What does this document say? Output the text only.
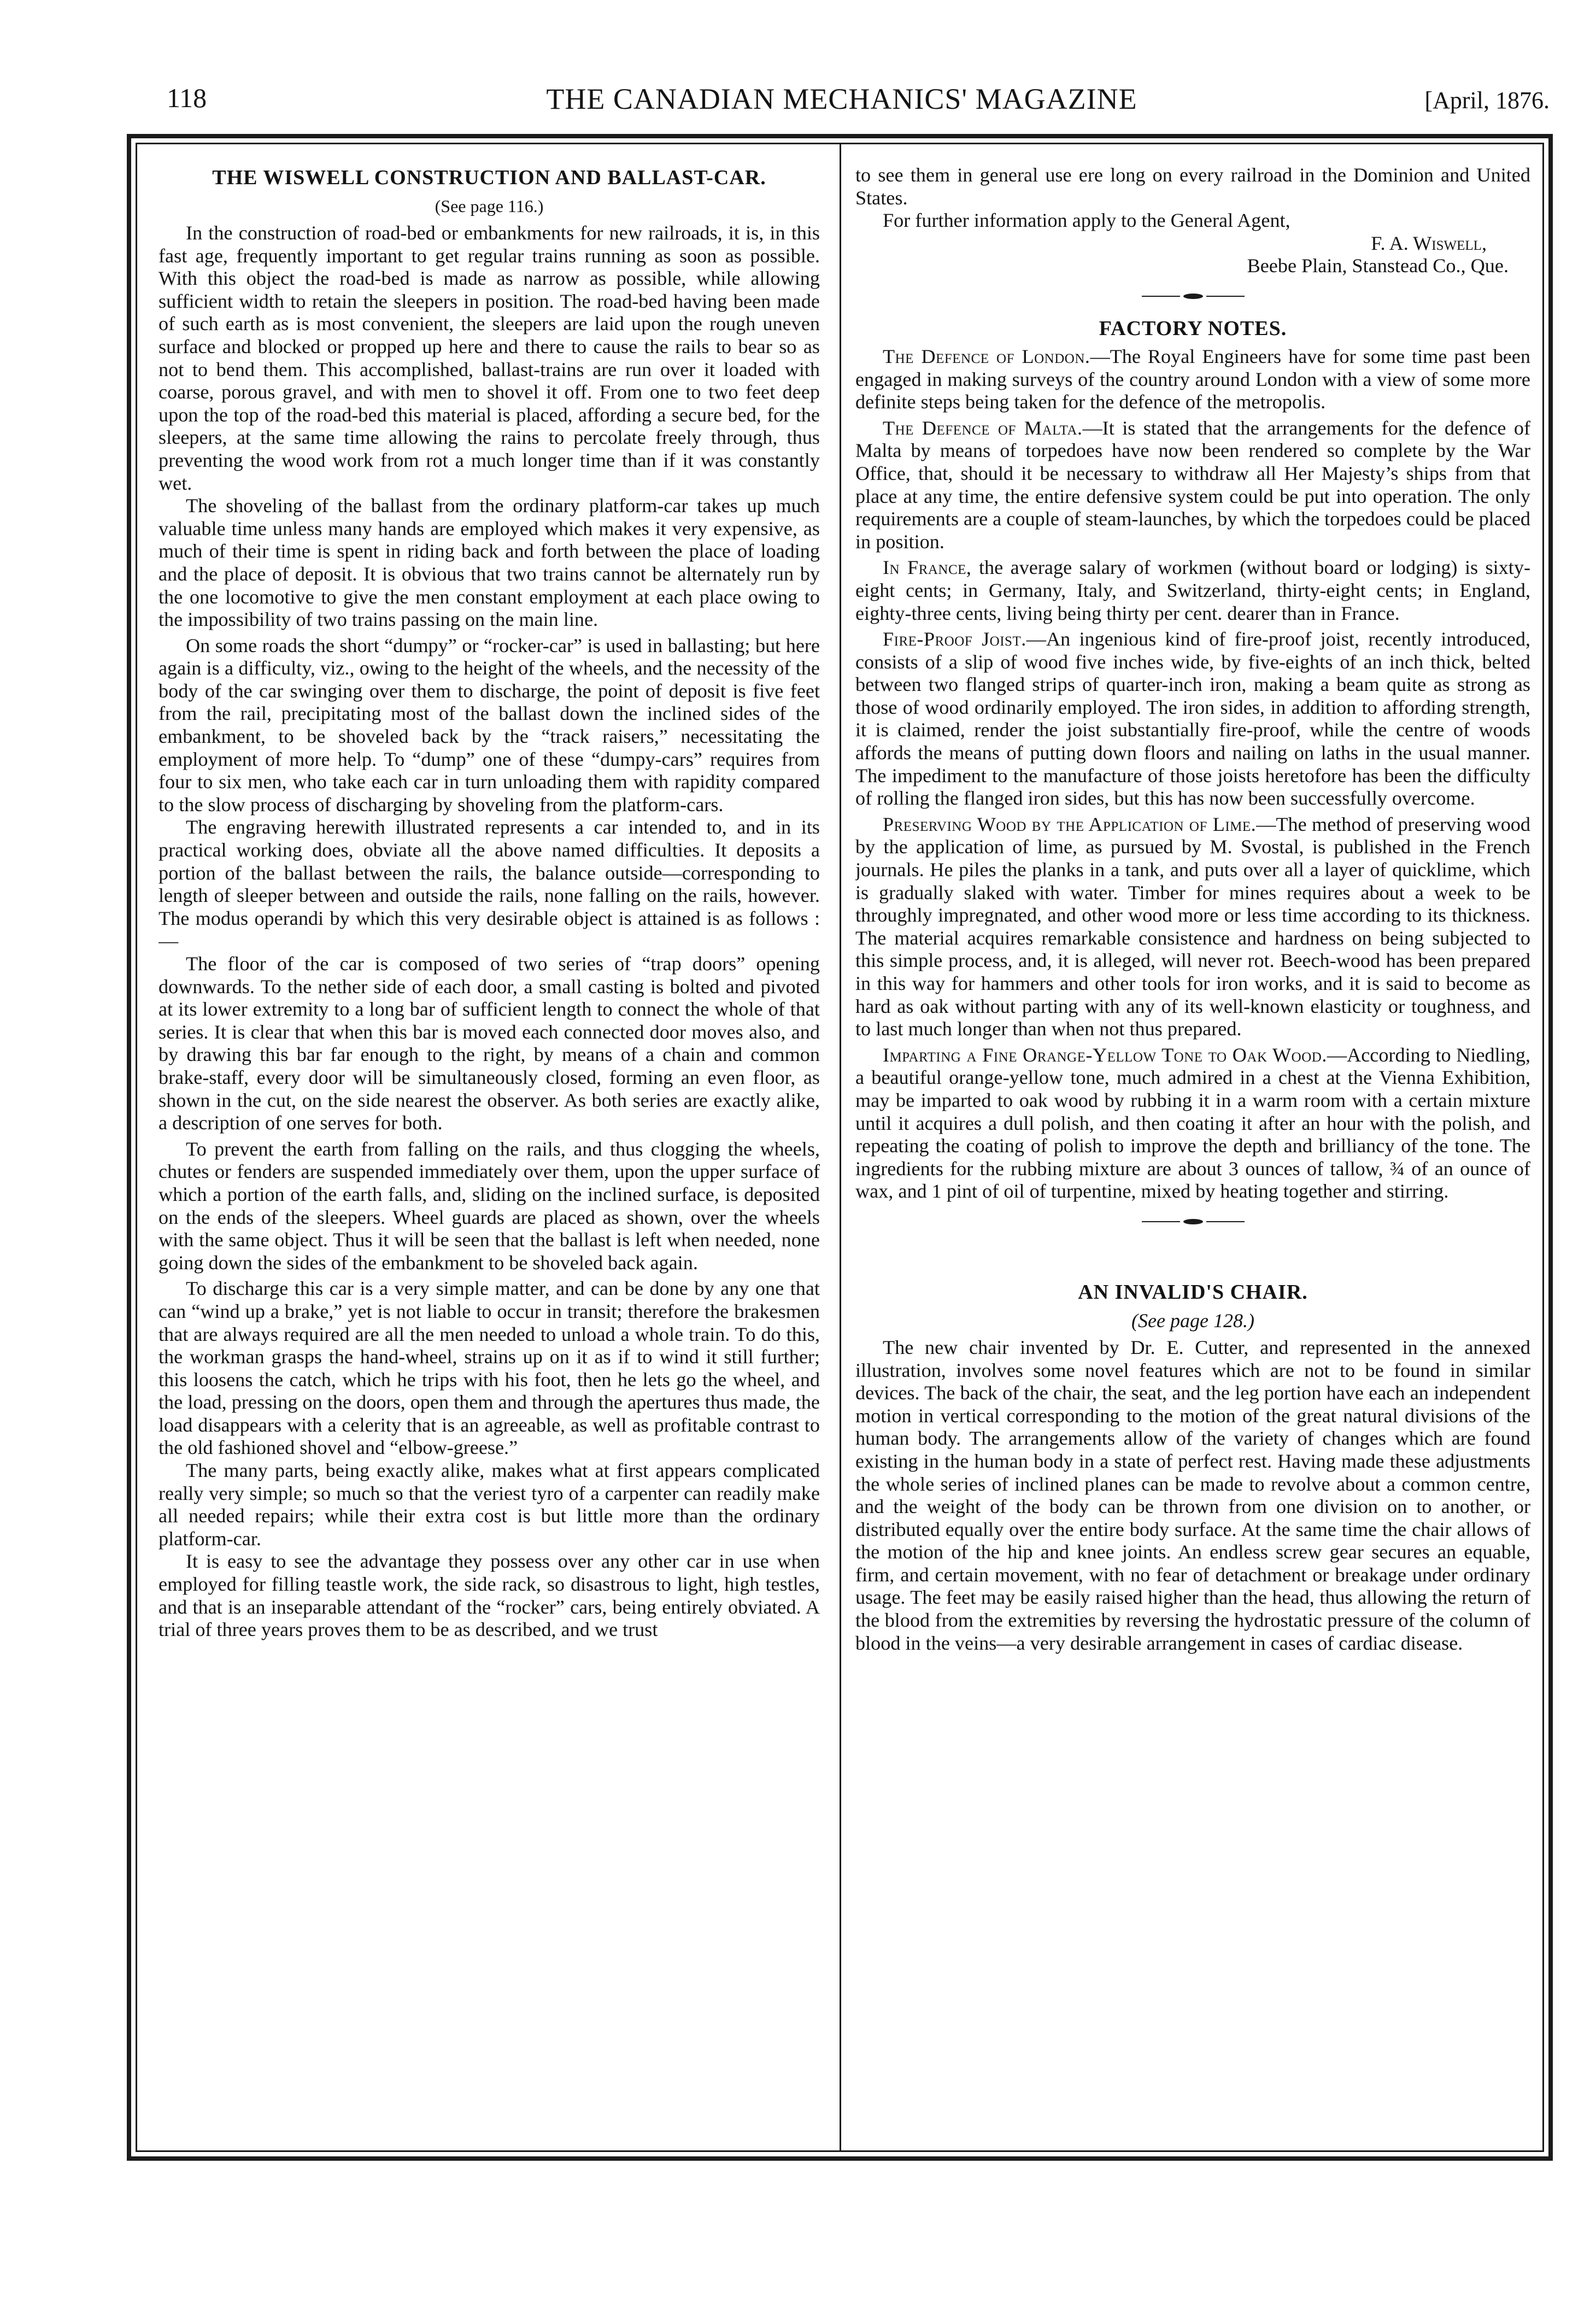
118	THE CANADIAN MECHANICS' MAGAZINE	[April, 1876.
THE WISWELL CONSTRUCTION AND BALLAST-CAR.
(See page 116.)

In the construction of road-bed or embankments for new railroads, it is, in this fast age, frequently important to get regular trains running as soon as possible. With this object the road-bed is made as narrow as possible, while allowing sufficient width to retain the sleepers in position. The road-bed having been made of such earth as is most convenient, the sleepers are laid upon the rough uneven surface and blocked or propped up here and there to cause the rails to bear so as not to bend them. This accomplished, ballast-trains are run over it loaded with coarse, porous gravel, and with men to shovel it off. From one to two feet deep upon the top of the road-bed this material is placed, affording a secure bed, for the sleepers, at the same time allowing the rains to percolate freely through, thus preventing the wood work from rot a much longer time than if it was constantly wet.

The shoveling of the ballast from the ordinary platform-car takes up much valuable time unless many hands are employed which makes it very expensive, as much of their time is spent in riding back and forth between the place of loading and the place of deposit. It is obvious that two trains cannot be alternately run by the one locomotive to give the men constant employment at each place owing to the impossibility of two trains passing on the main line.

On some roads the short “dumpy” or “rocker-car” is used in ballasting; but here again is a difficulty, viz., owing to the height of the wheels, and the necessity of the body of the car swinging over them to discharge, the point of deposit is five feet from the rail, precipitating most of the ballast down the inclined sides of the embankment, to be shoveled back by the “track raisers,” necessitating the employment of more help. To “dump” one of these “dumpy-cars” requires from four to six men, who take each car in turn unloading them with rapidity compared to the slow process of discharging by shoveling from the platform-cars.

The engraving herewith illustrated represents a car intended to, and in its practical working does, obviate all the above named difficulties. It deposits a portion of the ballast between the rails, the balance outside—corresponding to length of sleeper between and outside the rails, none falling on the rails, however. The modus operandi by which this very desirable object is attained is as follows :—

The floor of the car is composed of two series of “trap doors” opening downwards. To the nether side of each door, a small casting is bolted and pivoted at its lower extremity to a long bar of sufficient length to connect the whole of that series. It is clear that when this bar is moved each connected door moves also, and by drawing this bar far enough to the right, by means of a chain and common brake-staff, every door will be simultaneously closed, forming an even floor, as shown in the cut, on the side nearest the observer. As both series are exactly alike, a description of one serves for both.

To prevent the earth from falling on the rails, and thus clogging the wheels, chutes or fenders are suspended immediately over them, upon the upper surface of which a portion of the earth falls, and, sliding on the inclined surface, is deposited on the ends of the sleepers. Wheel guards are placed as shown, over the wheels with the same object. Thus it will be seen that the ballast is left when needed, none going down the sides of the embankment to be shoveled back again.

To discharge this car is a very simple matter, and can be done by any one that can “wind up a brake,” yet is not liable to occur in transit; therefore the brakesmen that are always required are all the men needed to unload a whole train. To do this, the workman grasps the hand-wheel, strains up on it as if to wind it still further; this loosens the catch, which he trips with his foot, then he lets go the wheel, and the load, pressing on the doors, open them and through the apertures thus made, the load disappears with a celerity that is an agreeable, as well as profitable contrast to the old fashioned shovel and “elbow-greese.”

The many parts, being exactly alike, makes what at first appears complicated really very simple; so much so that the veriest tyro of a carpenter can readily make all needed repairs; while their extra cost is but little more than the ordinary platform-car.

It is easy to see the advantage they possess over any other car in use when employed for filling teastle work, the side rack, so disastrous to light, high testles, and that is an inseparable attendant of the “rocker” cars, being entirely obviated. A trial of three years proves them to be as described, and we trust

to see them in general use ere long on every railroad in the Dominion and United States.

For further information apply to the General Agent,

F. A. Wiswell,
Beebe Plain, Stanstead Co., Que.
FACTORY NOTES.

The Defence of London.—The Royal Engineers have for some time past been engaged in making surveys of the country around London with a view of some more definite steps being taken for the defence of the metropolis.

The Defence of Malta.—It is stated that the arrangements for the defence of Malta by means of torpedoes have now been rendered so complete by the War Office, that, should it be necessary to withdraw all Her Majesty’s ships from that place at any time, the entire defensive system could be put into operation. The only requirements are a couple of steam-launches, by which the torpedoes could be placed in position.

In France, the average salary of workmen (without board or lodging) is sixty-eight cents; in Germany, Italy, and Switzerland, thirty-eight cents; in England, eighty-three cents, living being thirty per cent. dearer than in France.

Fire-Proof Joist.—An ingenious kind of fire-proof joist, recently introduced, consists of a slip of wood five inches wide, by five-eights of an inch thick, belted between two flanged strips of quarter-inch iron, making a beam quite as strong as those of wood ordinarily employed. The iron sides, in addition to affording strength, it is claimed, render the joist substantially fire-proof, while the centre of woods affords the means of putting down floors and nailing on laths in the usual manner. The impediment to the manufacture of those joists heretofore has been the difficulty of rolling the flanged iron sides, but this has now been successfully overcome.

Preserving Wood by the Application of Lime.—The method of preserving wood by the application of lime, as pursued by M. Svostal, is published in the French journals. He piles the planks in a tank, and puts over all a layer of quicklime, which is gradually slaked with water. Timber for mines requires about a week to be throughly impregnated, and other wood more or less time according to its thickness. The material acquires remarkable consistence and hardness on being subjected to this simple process, and, it is alleged, will never rot. Beech-wood has been prepared in this way for hammers and other tools for iron works, and it is said to become as hard as oak without parting with any of its well-known elasticity or toughness, and to last much longer than when not thus prepared.

Imparting a Fine Orange-Yellow Tone to Oak Wood.—According to Niedling, a beautiful orange-yellow tone, much admired in a chest at the Vienna Exhibition, may be imparted to oak wood by rubbing it in a warm room with a certain mixture until it acquires a dull polish, and then coating it after an hour with the polish, and repeating the coating of polish to improve the depth and brilliancy of the tone. The ingredients for the rubbing mixture are about 3 ounces of tallow, ¾ of an ounce of wax, and 1 pint of oil of turpentine, mixed by heating together and stirring.

AN INVALID'S CHAIR.
(See page 128.)

The new chair invented by Dr. E. Cutter, and represented in the annexed illustration, involves some novel features which are not to be found in similar devices. The back of the chair, the seat, and the leg portion have each an independent motion in vertical corresponding to the motion of the great natural divisions of the human body. The arrangements allow of the variety of changes which are found existing in the human body in a state of perfect rest. Having made these adjustments the whole series of inclined planes can be made to revolve about a common centre, and the weight of the body can be thrown from one division on to another, or distributed equally over the entire body surface. At the same time the chair allows of the motion of the hip and knee joints. An endless screw gear secures an equable, firm, and certain movement, with no fear of detachment or breakage under ordinary usage. The feet may be easily raised higher than the head, thus allowing the return of the blood from the extremities by reversing the hydrostatic pressure of the column of blood in the veins—a very desirable arrangement in cases of cardiac disease.
